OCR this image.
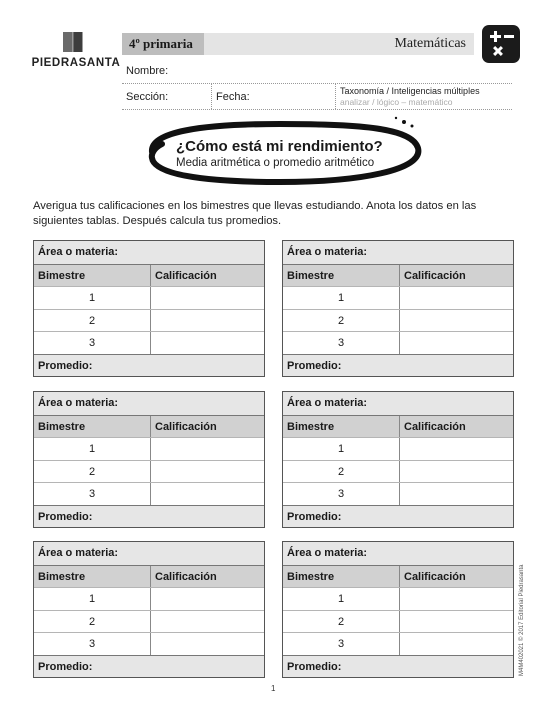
PIEDRASANTA
4º primaria	Matemáticas
Nombre:
Sección:	Fecha:	Taxonomía / Inteligencias múltiples
analizar / lógico – matemático
¿Cómo está mi rendimiento?
Media aritmética o promedio aritmético
Averigua tus calificaciones en los bimestres que llevas estudiando. Anota los datos en las siguientes tablas. Después calcula tus promedios.
Área o materia:
Bimestre	Calificación
1
2
3
Promedio:
Área o materia:
Bimestre	Calificación
1
2
3
Promedio:
Área o materia:
Bimestre	Calificación
1
2
3
Promedio:
Área o materia:
Bimestre	Calificación
1
2
3
Promedio:
Área o materia:
Bimestre	Calificación
1
2
3
Promedio:
Área o materia:
Bimestre	Calificación
1
2
3
Promedio:	M4M402021 © 2017 Editorial Piedrasanta
1
